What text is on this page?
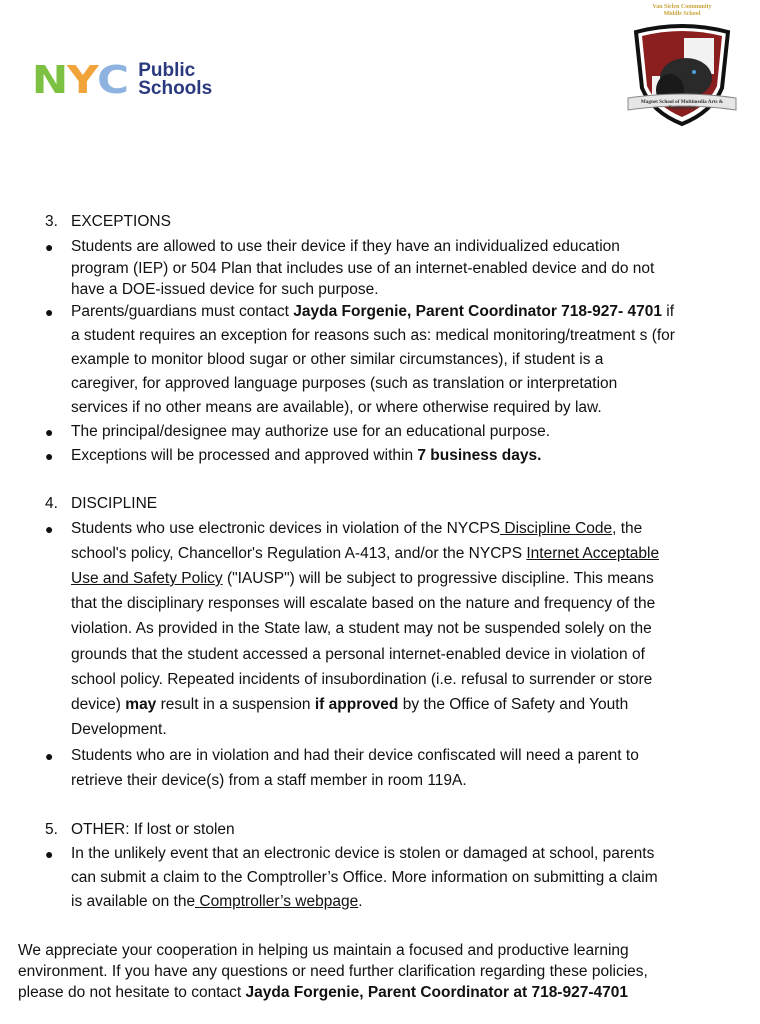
N Y C Public
Schools
Van Siclen Community
Middle School
Magnet School of Multimedia Arts &
Engineering
3. EXCEPTIONS
● Students are allowed to use their device if they have an individualized education
program (IEP) or 504 Plan that includes use of an internet-enabled device and do not
have a DOE-issued device for such purpose.
● Parents/guardians must contact Jayda Forgenie, Parent Coordinator 718-927- 4701 if
a student requires an exception for reasons such as: medical monitoring/treatment s (for
example to monitor blood sugar or other similar circumstances), if student is a
caregiver, for approved language purposes (such as translation or interpretation
services if no other means are available), or where otherwise required by law.
● The principal/designee may authorize use for an educational purpose.
● Exceptions will be processed and approved within 7 business days.
4. DISCIPLINE
● Students who use electronic devices in violation of the NYCPS Discipline Code, the
school's policy, Chancellor's Regulation A-413, and/or the NYCPS Internet Acceptable
Use and Safety Policy ("IAUSP") will be subject to progressive discipline. This means
that the disciplinary responses will escalate based on the nature and frequency of the
violation. As provided in the State law, a student may not be suspended solely on the
grounds that the student accessed a personal internet-enabled device in violation of
school policy. Repeated incidents of insubordination (i.e. refusal to surrender or store
device) may result in a suspension if approved by the Office of Safety and Youth
Development.
● Students who are in violation and had their device confiscated will need a parent to
retrieve their device(s) from a staff member in room 119A.
5. OTHER: If lost or stolen
● In the unlikely event that an electronic device is stolen or damaged at school, parents
can submit a claim to the Comptroller’s Office. More information on submitting a claim
is available on the Comptroller’s webpage.
We appreciate your cooperation in helping us maintain a focused and productive learning
environment. If you have any questions or need further clarification regarding these policies,
please do not hesitate to contact Jayda Forgenie, Parent Coordinator at 718-927-4701
